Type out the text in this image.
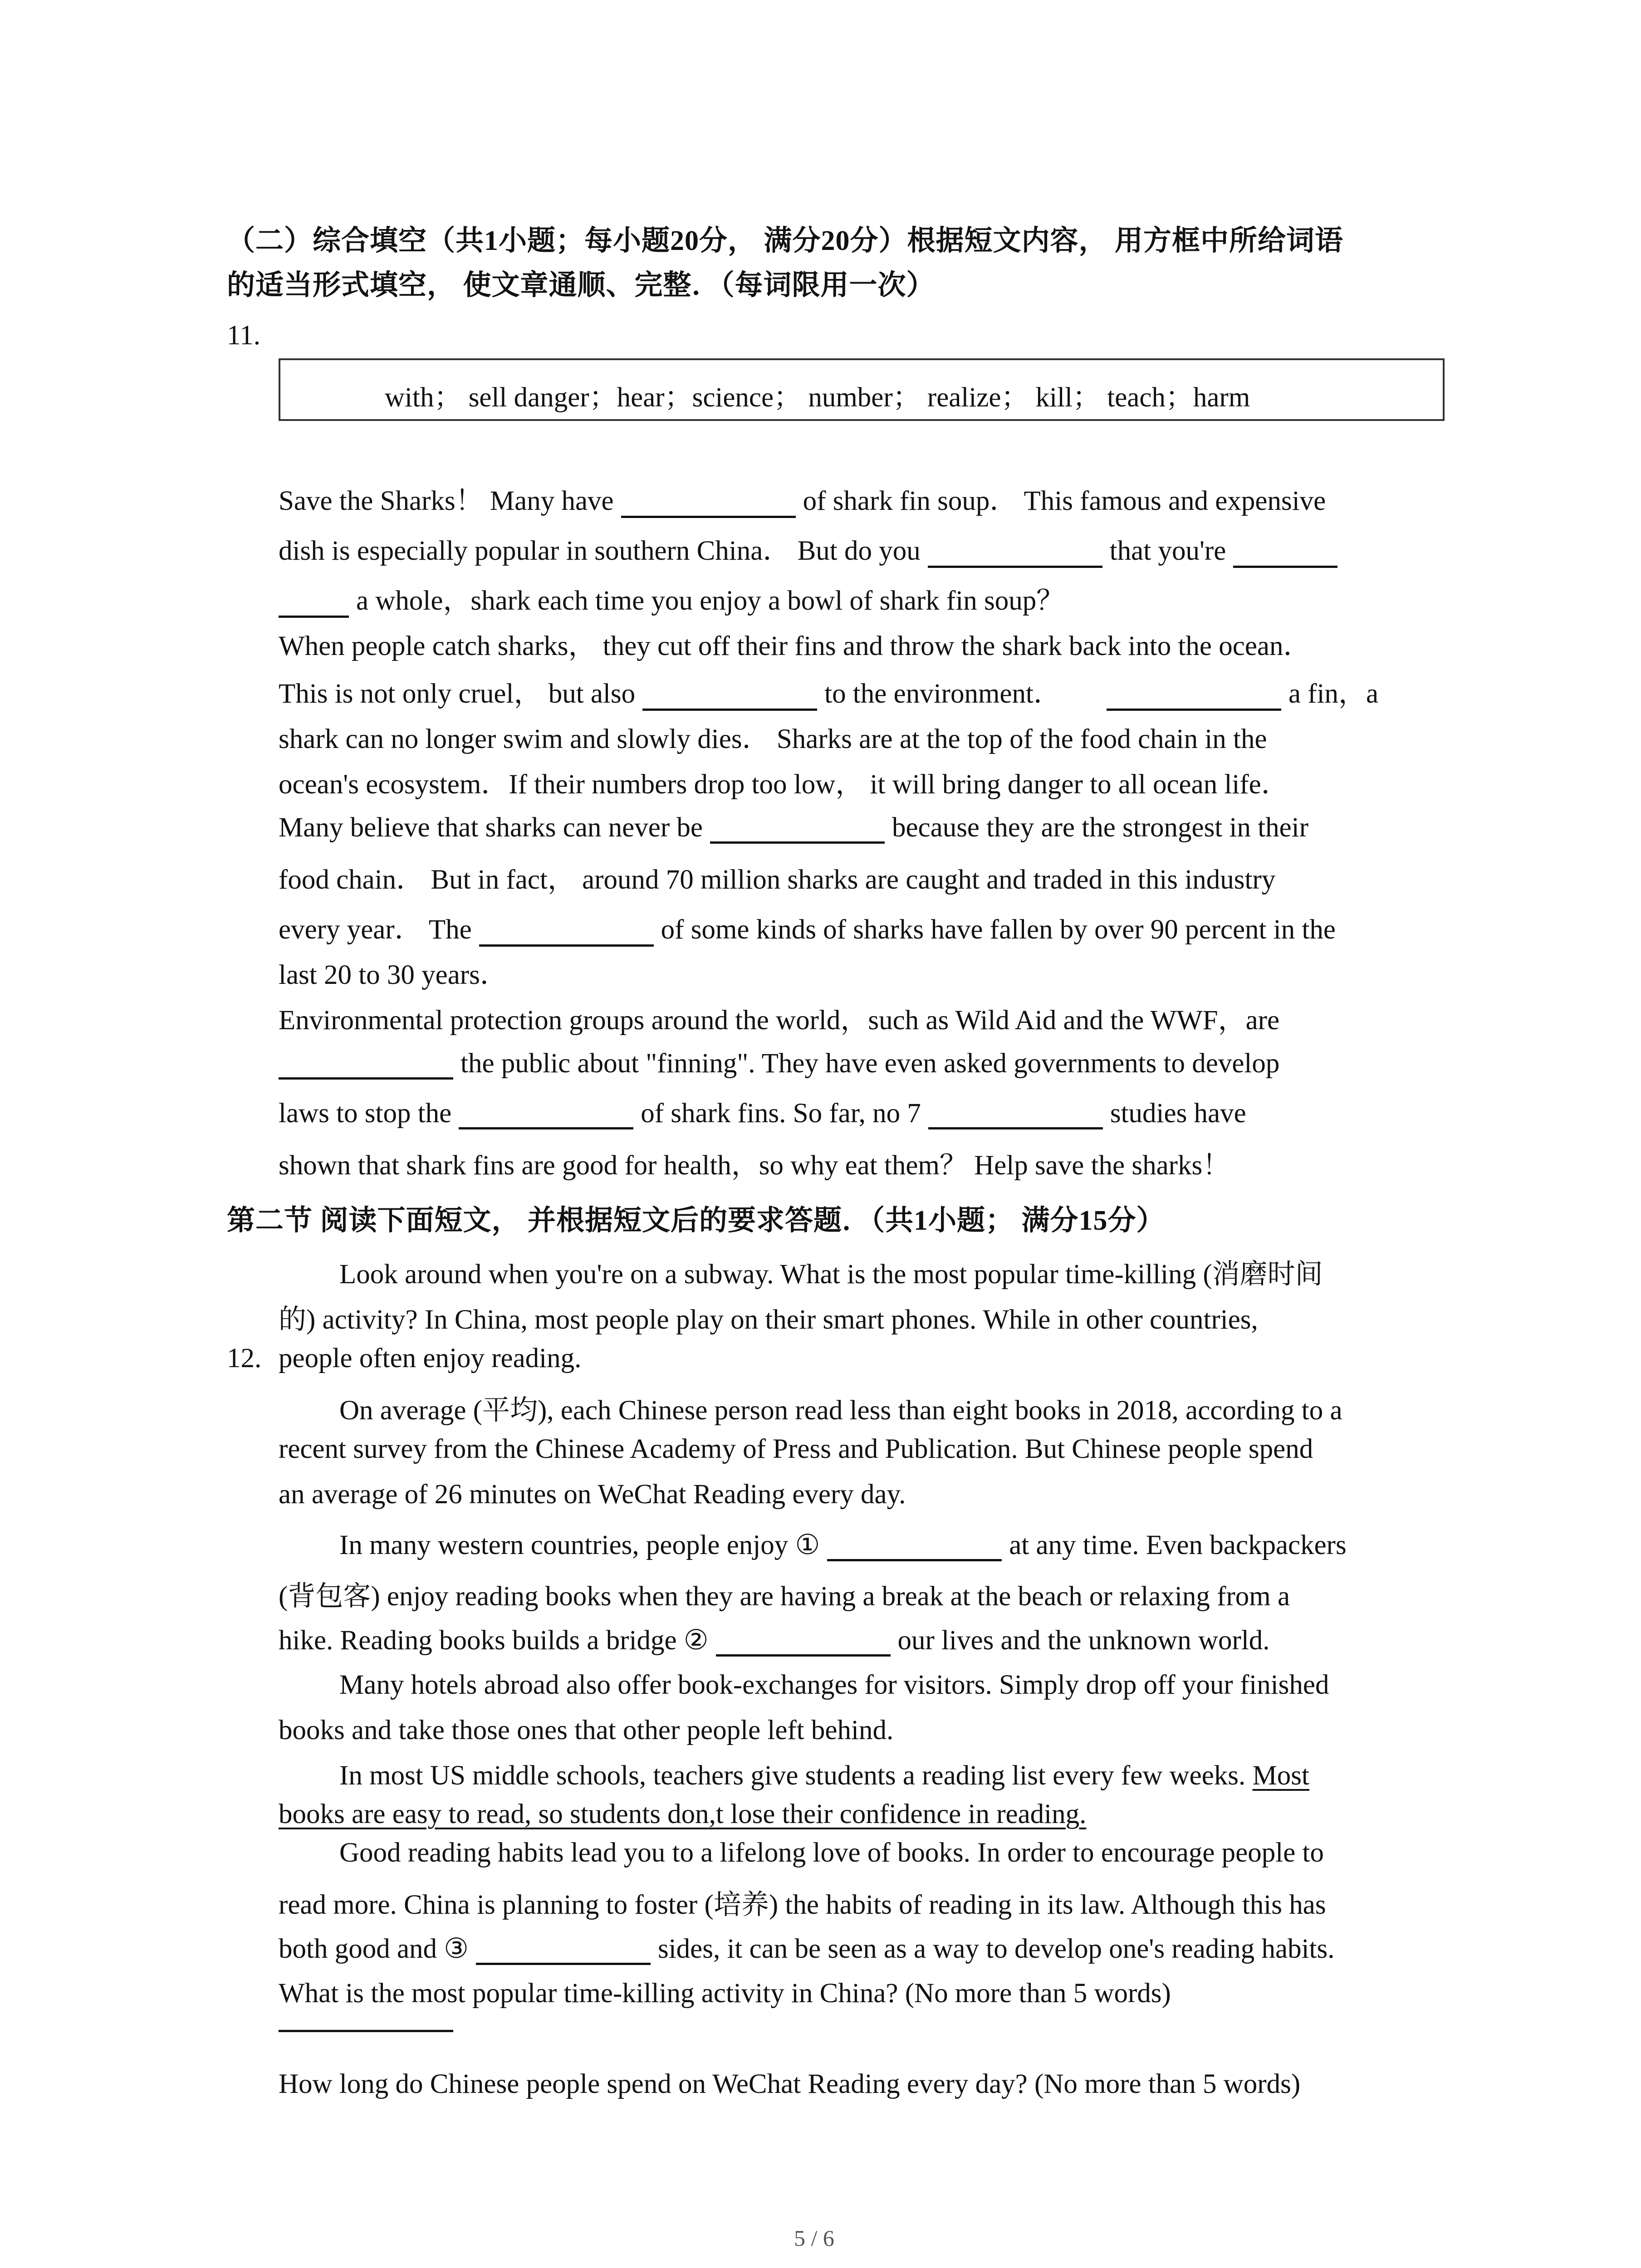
（二）综合填空（共1小题；每小题20分， 满分20分）根据短文内容， 用方框中所给词语
的适当形式填空， 使文章通顺、完整．（每词限用一次）
11.
with； sell danger；hear；science； number； realize； kill； teach；harm
Save the Sharks！ Many have	of shark fin soup． This famous and expensive
dish is especially popular in southern China． But do you	that you're
a whole，shark each time you enjoy a bowl of shark fin soup？
When people catch sharks， they cut off their fins and throw the shark back into the ocean．
This is not only cruel， but also	to the environment．	a fin，a
shark can no longer swim and slowly dies． Sharks are at the top of the food chain in the
ocean's ecosystem．If their numbers drop too low， it will bring danger to all ocean life．
Many believe that sharks can never be	because they are the strongest in their
food chain． But in fact， around 70 million sharks are caught and traded in this industry
every year． The	of some kinds of sharks have fallen by over 90 percent in the
last 20 to 30 years．
Environmental protection groups around the world，such as Wild Aid and the WWF，are
the public about "finning". They have even asked governments to develop
laws to stop the	of shark fins. So far, no 7	studies have
shown that shark fins are good for health，so why eat them？ Help save the sharks！
第二节 阅读下面短文， 并根据短文后的要求答题．（共1小题； 满分15分）
Look around when you're on a subway. What is the most popular time-killing (消磨时间
的) activity? In China, most people play on their smart phones. While in other countries,
12. people often enjoy reading.
On average (平均), each Chinese person read less than eight books in 2018, according to a
recent survey from the Chinese Academy of Press and Publication. But Chinese people spend
an average of 26 minutes on WeChat Reading every day.
In many western countries, people enjoy ①	at any time. Even backpackers
(背包客) enjoy reading books when they are having a break at the beach or relaxing from a
hike. Reading books builds a bridge ②	our lives and the unknown world.
Many hotels abroad also offer book-exchanges for visitors. Simply drop off your finished
books and take those ones that other people left behind.
In most US middle schools, teachers give students a reading list every few weeks. Most
books are easy to read, so students don,t lose their confidence in reading.
Good reading habits lead you to a lifelong love of books. In order to encourage people to
read more. China is planning to foster (培养) the habits of reading in its law. Although this has
both good and ③	sides, it can be seen as a way to develop one's reading habits.
What is the most popular time-killing activity in China? (No more than 5 words)
How long do Chinese people spend on WeChat Reading every day? (No more than 5 words)
5 / 6
